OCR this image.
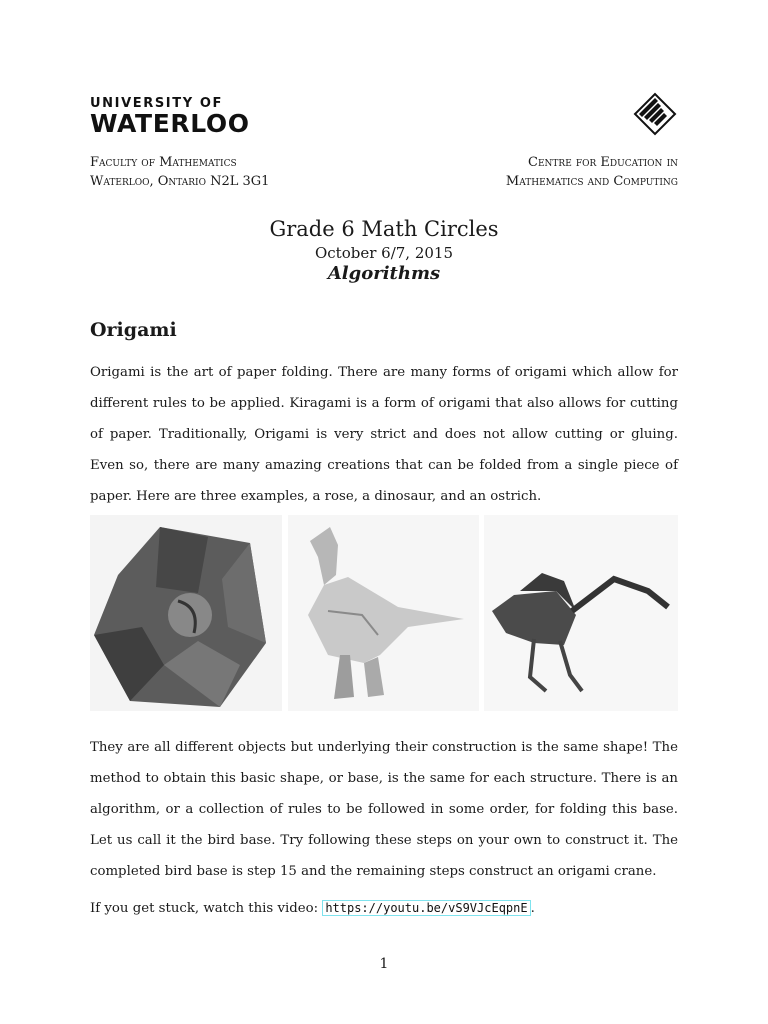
UNIVERSITY OF
WATERLOO
Faculty of Mathematics
Waterloo, Ontario N2L 3G1
Centre for Education in
Mathematics and Computing
Grade 6 Math Circles
October 6/7, 2015
Algorithms
Origami
Origami is the art of paper folding. There are many forms of origami which allow for different rules to be applied. Kiragami is a form of origami that also allows for cutting of paper. Traditionally, Origami is very strict and does not allow cutting or gluing. Even so, there are many amazing creations that can be folded from a single piece of paper. Here are three examples, a rose, a dinosaur, and an ostrich.
They are all different objects but underlying their construction is the same shape! The method to obtain this basic shape, or base, is the same for each structure. There is an algorithm, or a collection of rules to be followed in some order, for folding this base. Let us call it the bird base. Try following these steps on your own to construct it. The completed bird base is step 15 and the remaining steps construct an origami crane.
If you get stuck, watch this video: https://youtu.be/vS9VJcEqpnE .
1
